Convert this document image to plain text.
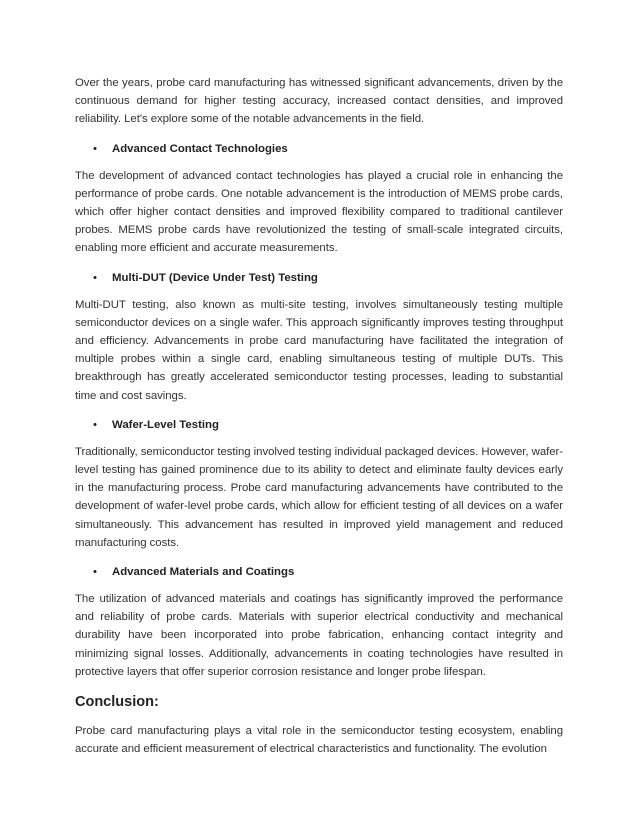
Over the years, probe card manufacturing has witnessed significant advancements, driven by the continuous demand for higher testing accuracy, increased contact densities, and improved reliability. Let's explore some of the notable advancements in the field.

• Advanced Contact Technologies

The development of advanced contact technologies has played a crucial role in enhancing the performance of probe cards. One notable advancement is the introduction of MEMS probe cards, which offer higher contact densities and improved flexibility compared to traditional cantilever probes. MEMS probe cards have revolutionized the testing of small-scale integrated circuits, enabling more efficient and accurate measurements.

• Multi-DUT (Device Under Test) Testing

Multi-DUT testing, also known as multi-site testing, involves simultaneously testing multiple semiconductor devices on a single wafer. This approach significantly improves testing throughput and efficiency. Advancements in probe card manufacturing have facilitated the integration of multiple probes within a single card, enabling simultaneous testing of multiple DUTs. This breakthrough has greatly accelerated semiconductor testing processes, leading to substantial time and cost savings.

• Wafer-Level Testing

Traditionally, semiconductor testing involved testing individual packaged devices. However, wafer-level testing has gained prominence due to its ability to detect and eliminate faulty devices early in the manufacturing process. Probe card manufacturing advancements have contributed to the development of wafer-level probe cards, which allow for efficient testing of all devices on a wafer simultaneously. This advancement has resulted in improved yield management and reduced manufacturing costs.

• Advanced Materials and Coatings

The utilization of advanced materials and coatings has significantly improved the performance and reliability of probe cards. Materials with superior electrical conductivity and mechanical durability have been incorporated into probe fabrication, enhancing contact integrity and minimizing signal losses. Additionally, advancements in coating technologies have resulted in protective layers that offer superior corrosion resistance and longer probe lifespan.

Conclusion:

Probe card manufacturing plays a vital role in the semiconductor testing ecosystem, enabling accurate and efficient measurement of electrical characteristics and functionality. The evolution
